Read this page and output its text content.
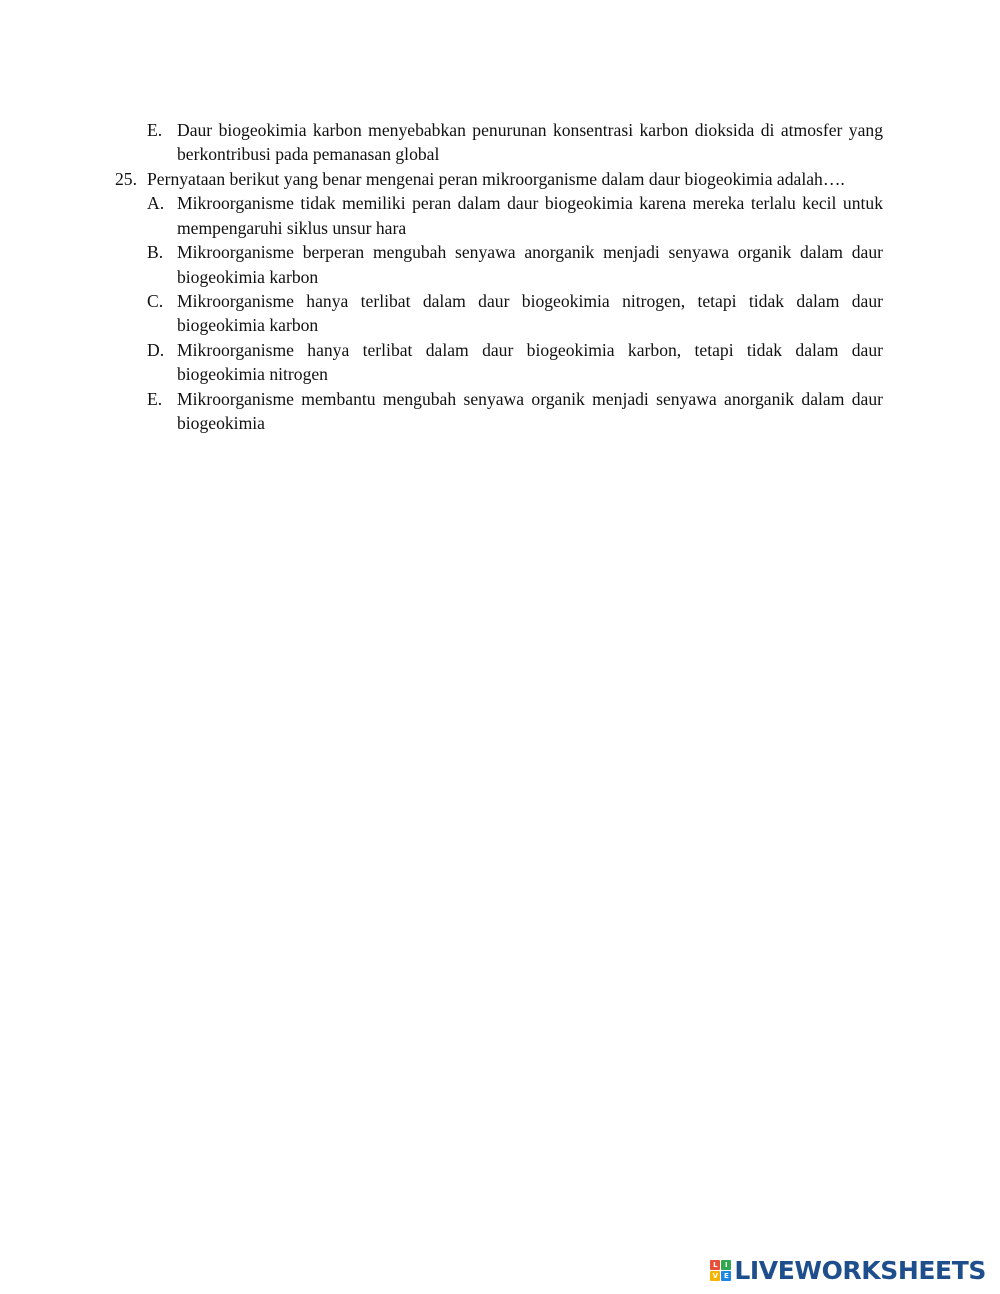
E. Daur biogeokimia karbon menyebabkan penurunan konsentrasi karbon dioksida di atmosfer yang berkontribusi pada pemanasan global
25. Pernyataan berikut yang benar mengenai peran mikroorganisme dalam daur biogeokimia adalah….
A. Mikroorganisme tidak memiliki peran dalam daur biogeokimia karena mereka terlalu kecil untuk mempengaruhi siklus unsur hara
B. Mikroorganisme berperan mengubah senyawa anorganik menjadi senyawa organik dalam daur biogeokimia karbon
C. Mikroorganisme hanya terlibat dalam daur biogeokimia nitrogen, tetapi tidak dalam daur biogeokimia karbon
D. Mikroorganisme hanya terlibat dalam daur biogeokimia karbon, tetapi tidak dalam daur biogeokimia nitrogen
E. Mikroorganisme membantu mengubah senyawa organik menjadi senyawa anorganik dalam daur biogeokimia
L	I
V E LIVEWORKSHEETS
